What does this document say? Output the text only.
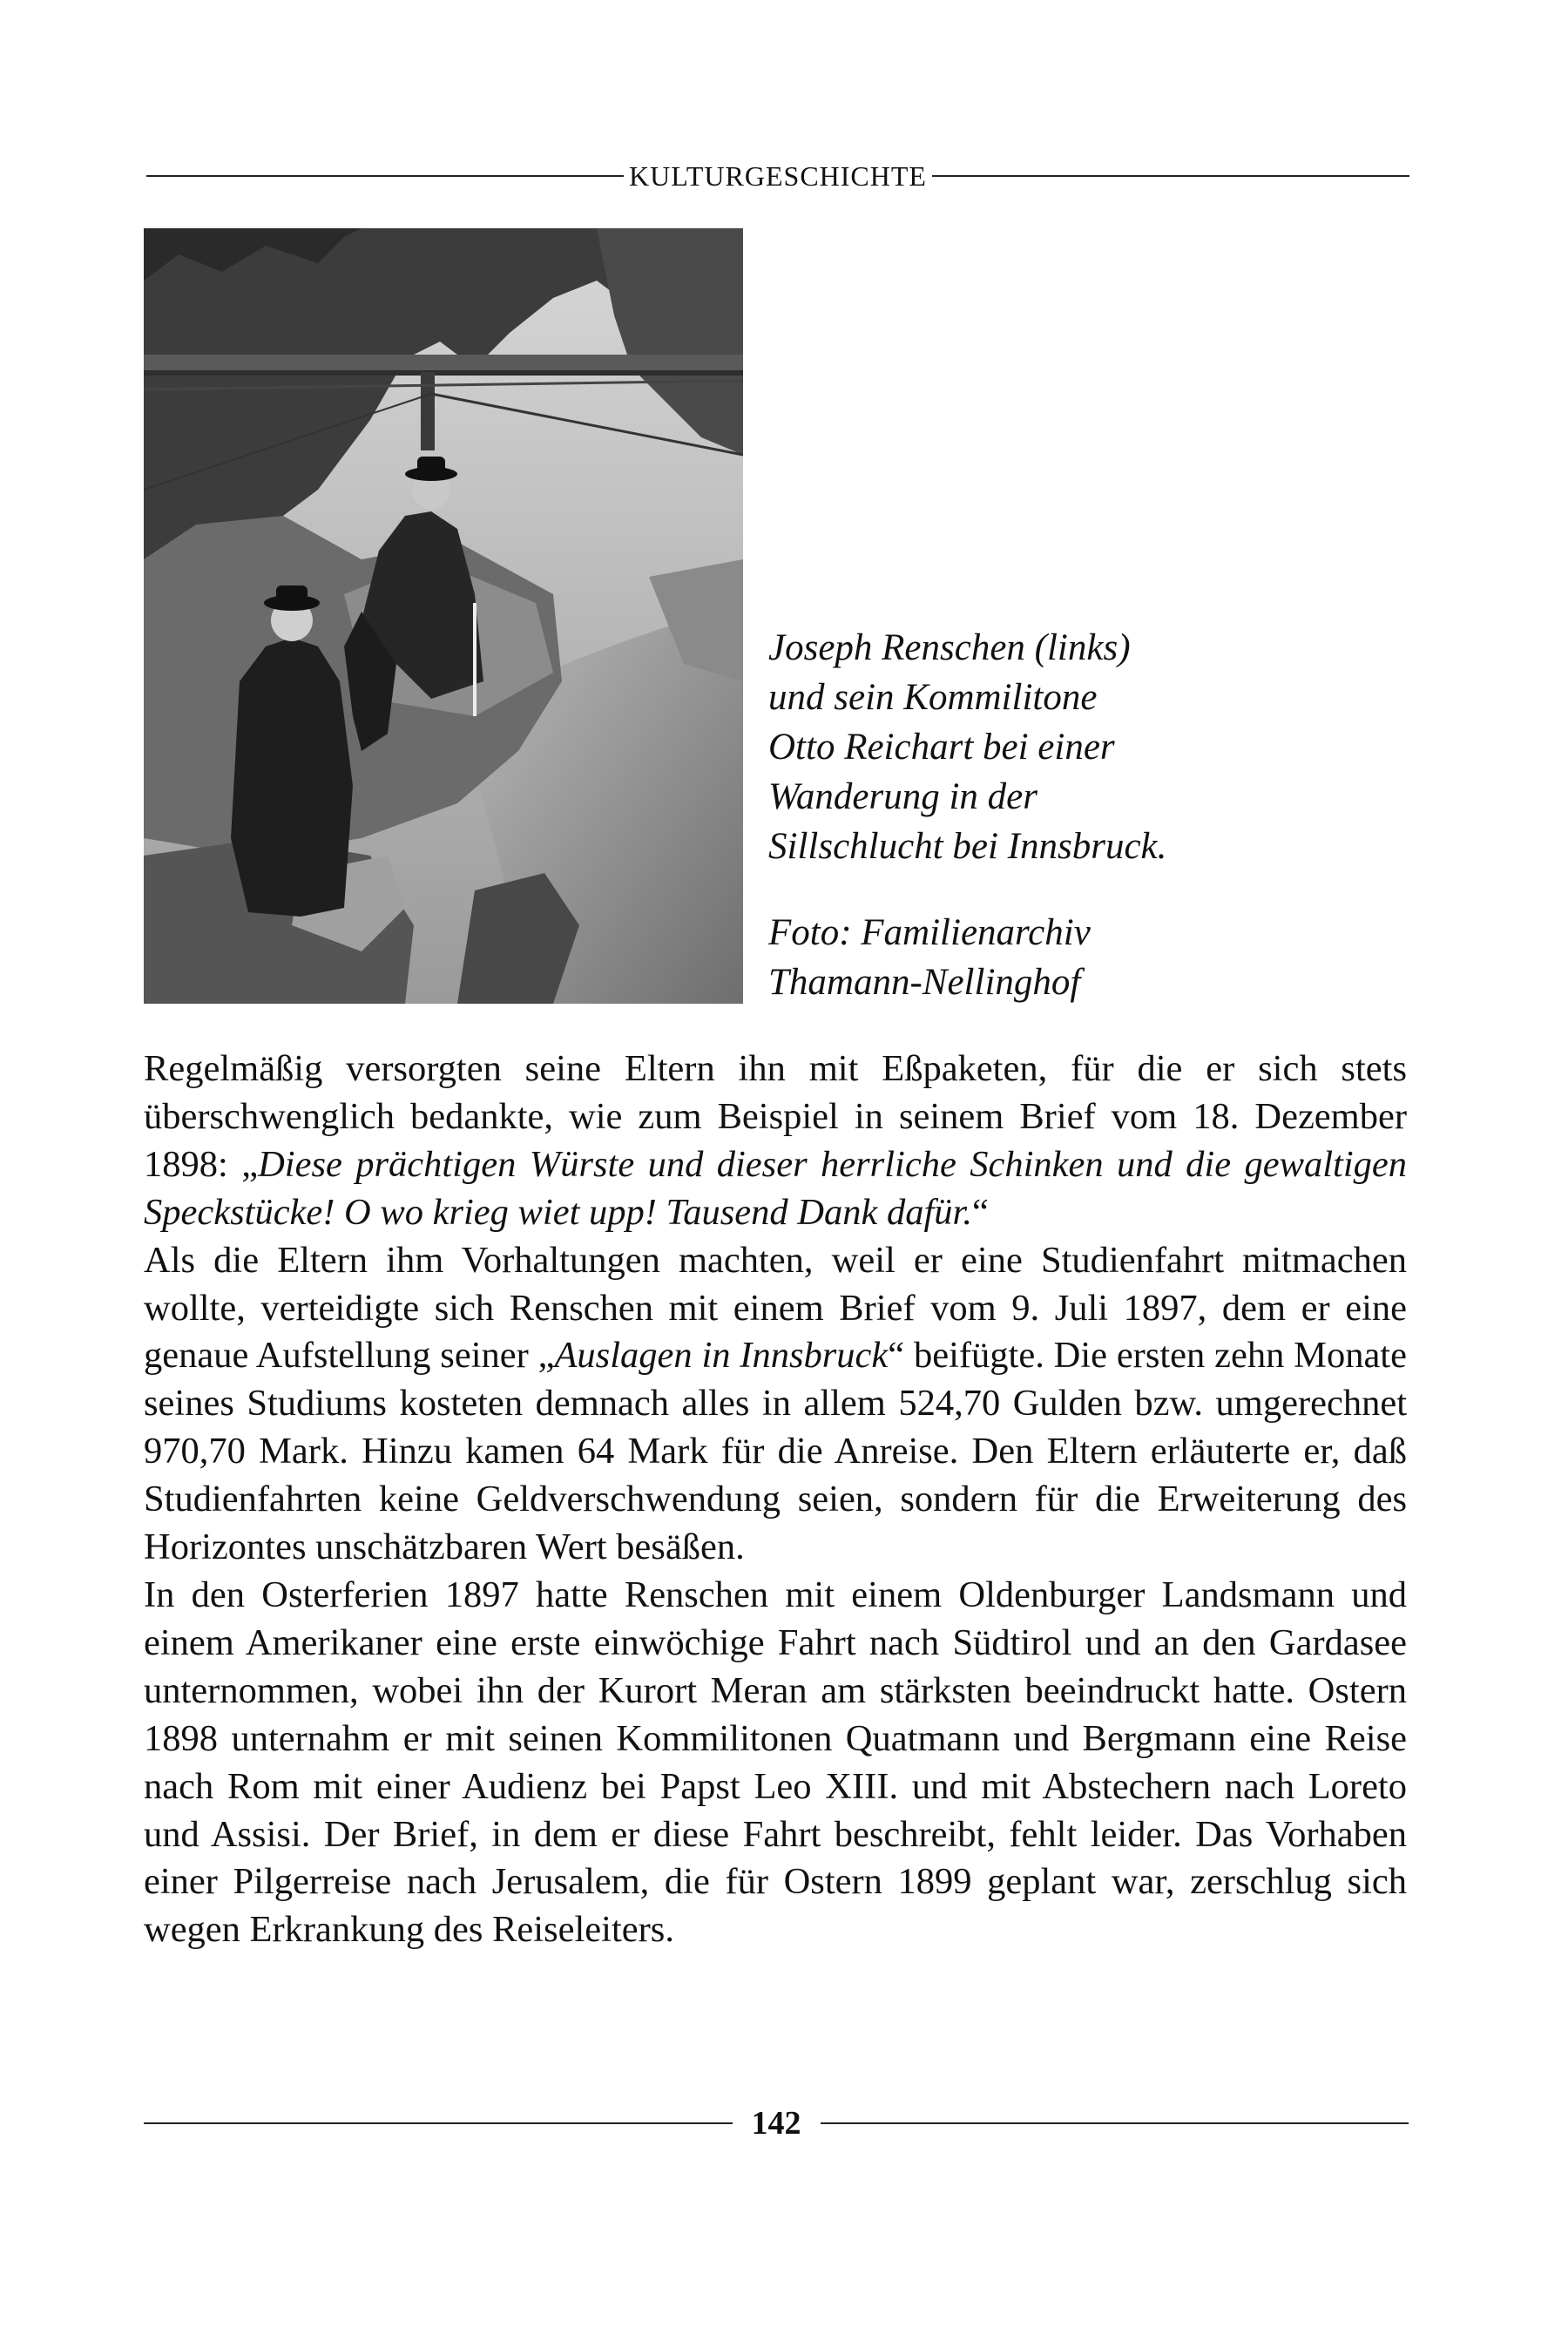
KULTURGESCHICHTE

Joseph Renschen (links)

und sein Kommilitone

Otto Reichart bei einer

Wanderung in der

Sillschlucht bei Innsbruck.

Foto: Familienarchiv

Thamann-Nellinghof

Regelmäßig versorgten seine Eltern ihn mit Eßpaketen, für die er sich stets überschwenglich bedankte, wie zum Beispiel in seinem Brief vom 18. Dezember 1898: „Diese prächtigen Würste und dieser herrliche Schinken und die gewaltigen Speckstücke! O wo krieg wiet upp! Tausend Dank dafür.“

Als die Eltern ihm Vorhaltungen machten, weil er eine Studienfahrt mitmachen wollte, verteidigte sich Renschen mit einem Brief vom 9. Juli 1897, dem er eine genaue Aufstellung seiner „Auslagen in Innsbruck“ beifügte. Die ersten zehn Monate seines Studiums kosteten demnach alles in allem 524,70 Gulden bzw. umgerechnet 970,70 Mark. Hinzu kamen 64 Mark für die Anreise. Den Eltern erläuterte er, daß Studienfahrten keine Geldverschwendung seien, sondern für die Erweiterung des Horizontes unschätzbaren Wert besäßen.

In den Osterferien 1897 hatte Renschen mit einem Oldenburger Landsmann und einem Amerikaner eine erste einwöchige Fahrt nach Südtirol und an den Gardasee unternommen, wobei ihn der Kurort Meran am stärksten beeindruckt hatte. Ostern 1898 unternahm er mit seinen Kommilitonen Quatmann und Bergmann eine Reise nach Rom mit einer Audienz bei Papst Leo XIII. und mit Abstechern nach Loreto und Assisi. Der Brief, in dem er diese Fahrt beschreibt, fehlt leider. Das Vorhaben einer Pilgerreise nach Jerusalem, die für Ostern 1899 geplant war, zerschlug sich wegen Erkrankung des Reiseleiters.

142
